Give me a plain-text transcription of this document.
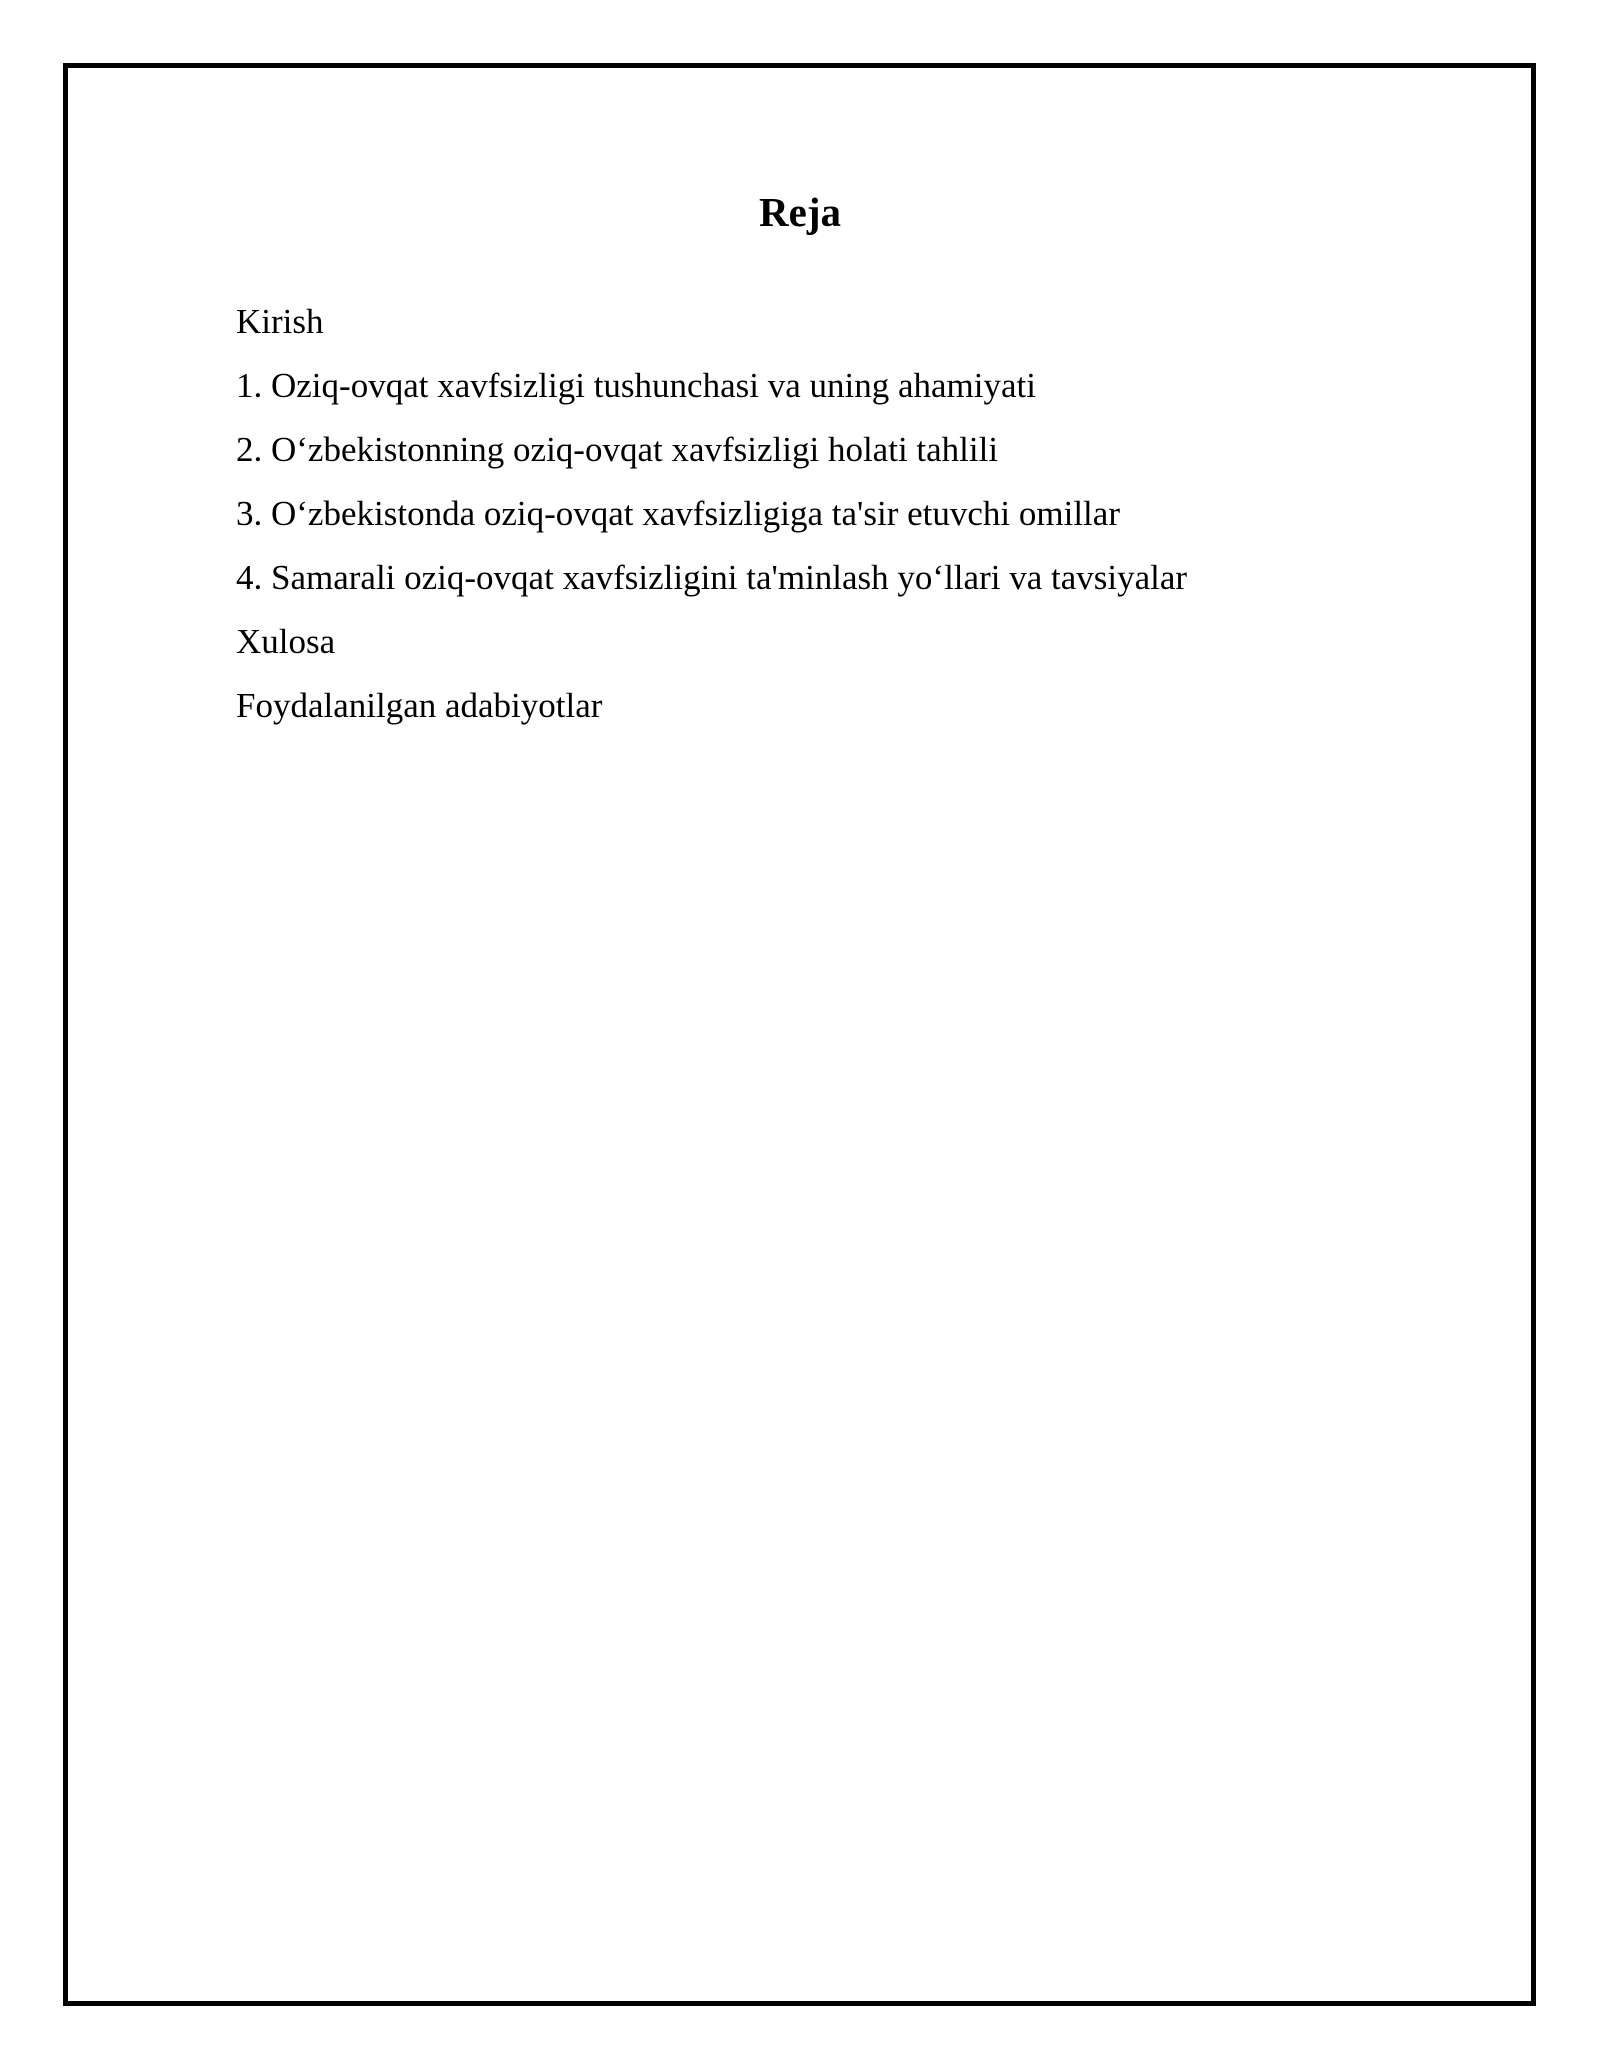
Reja
Kirish
1. Oziq-ovqat xavfsizligi tushunchasi va uning ahamiyati
2. O‘zbekistonning oziq-ovqat xavfsizligi holati tahlili
3. O‘zbekistonda oziq-ovqat xavfsizligiga ta'sir etuvchi omillar
4. Samarali oziq-ovqat xavfsizligini ta'minlash yo‘llari va tavsiyalar
Xulosa
Foydalanilgan adabiyotlar
